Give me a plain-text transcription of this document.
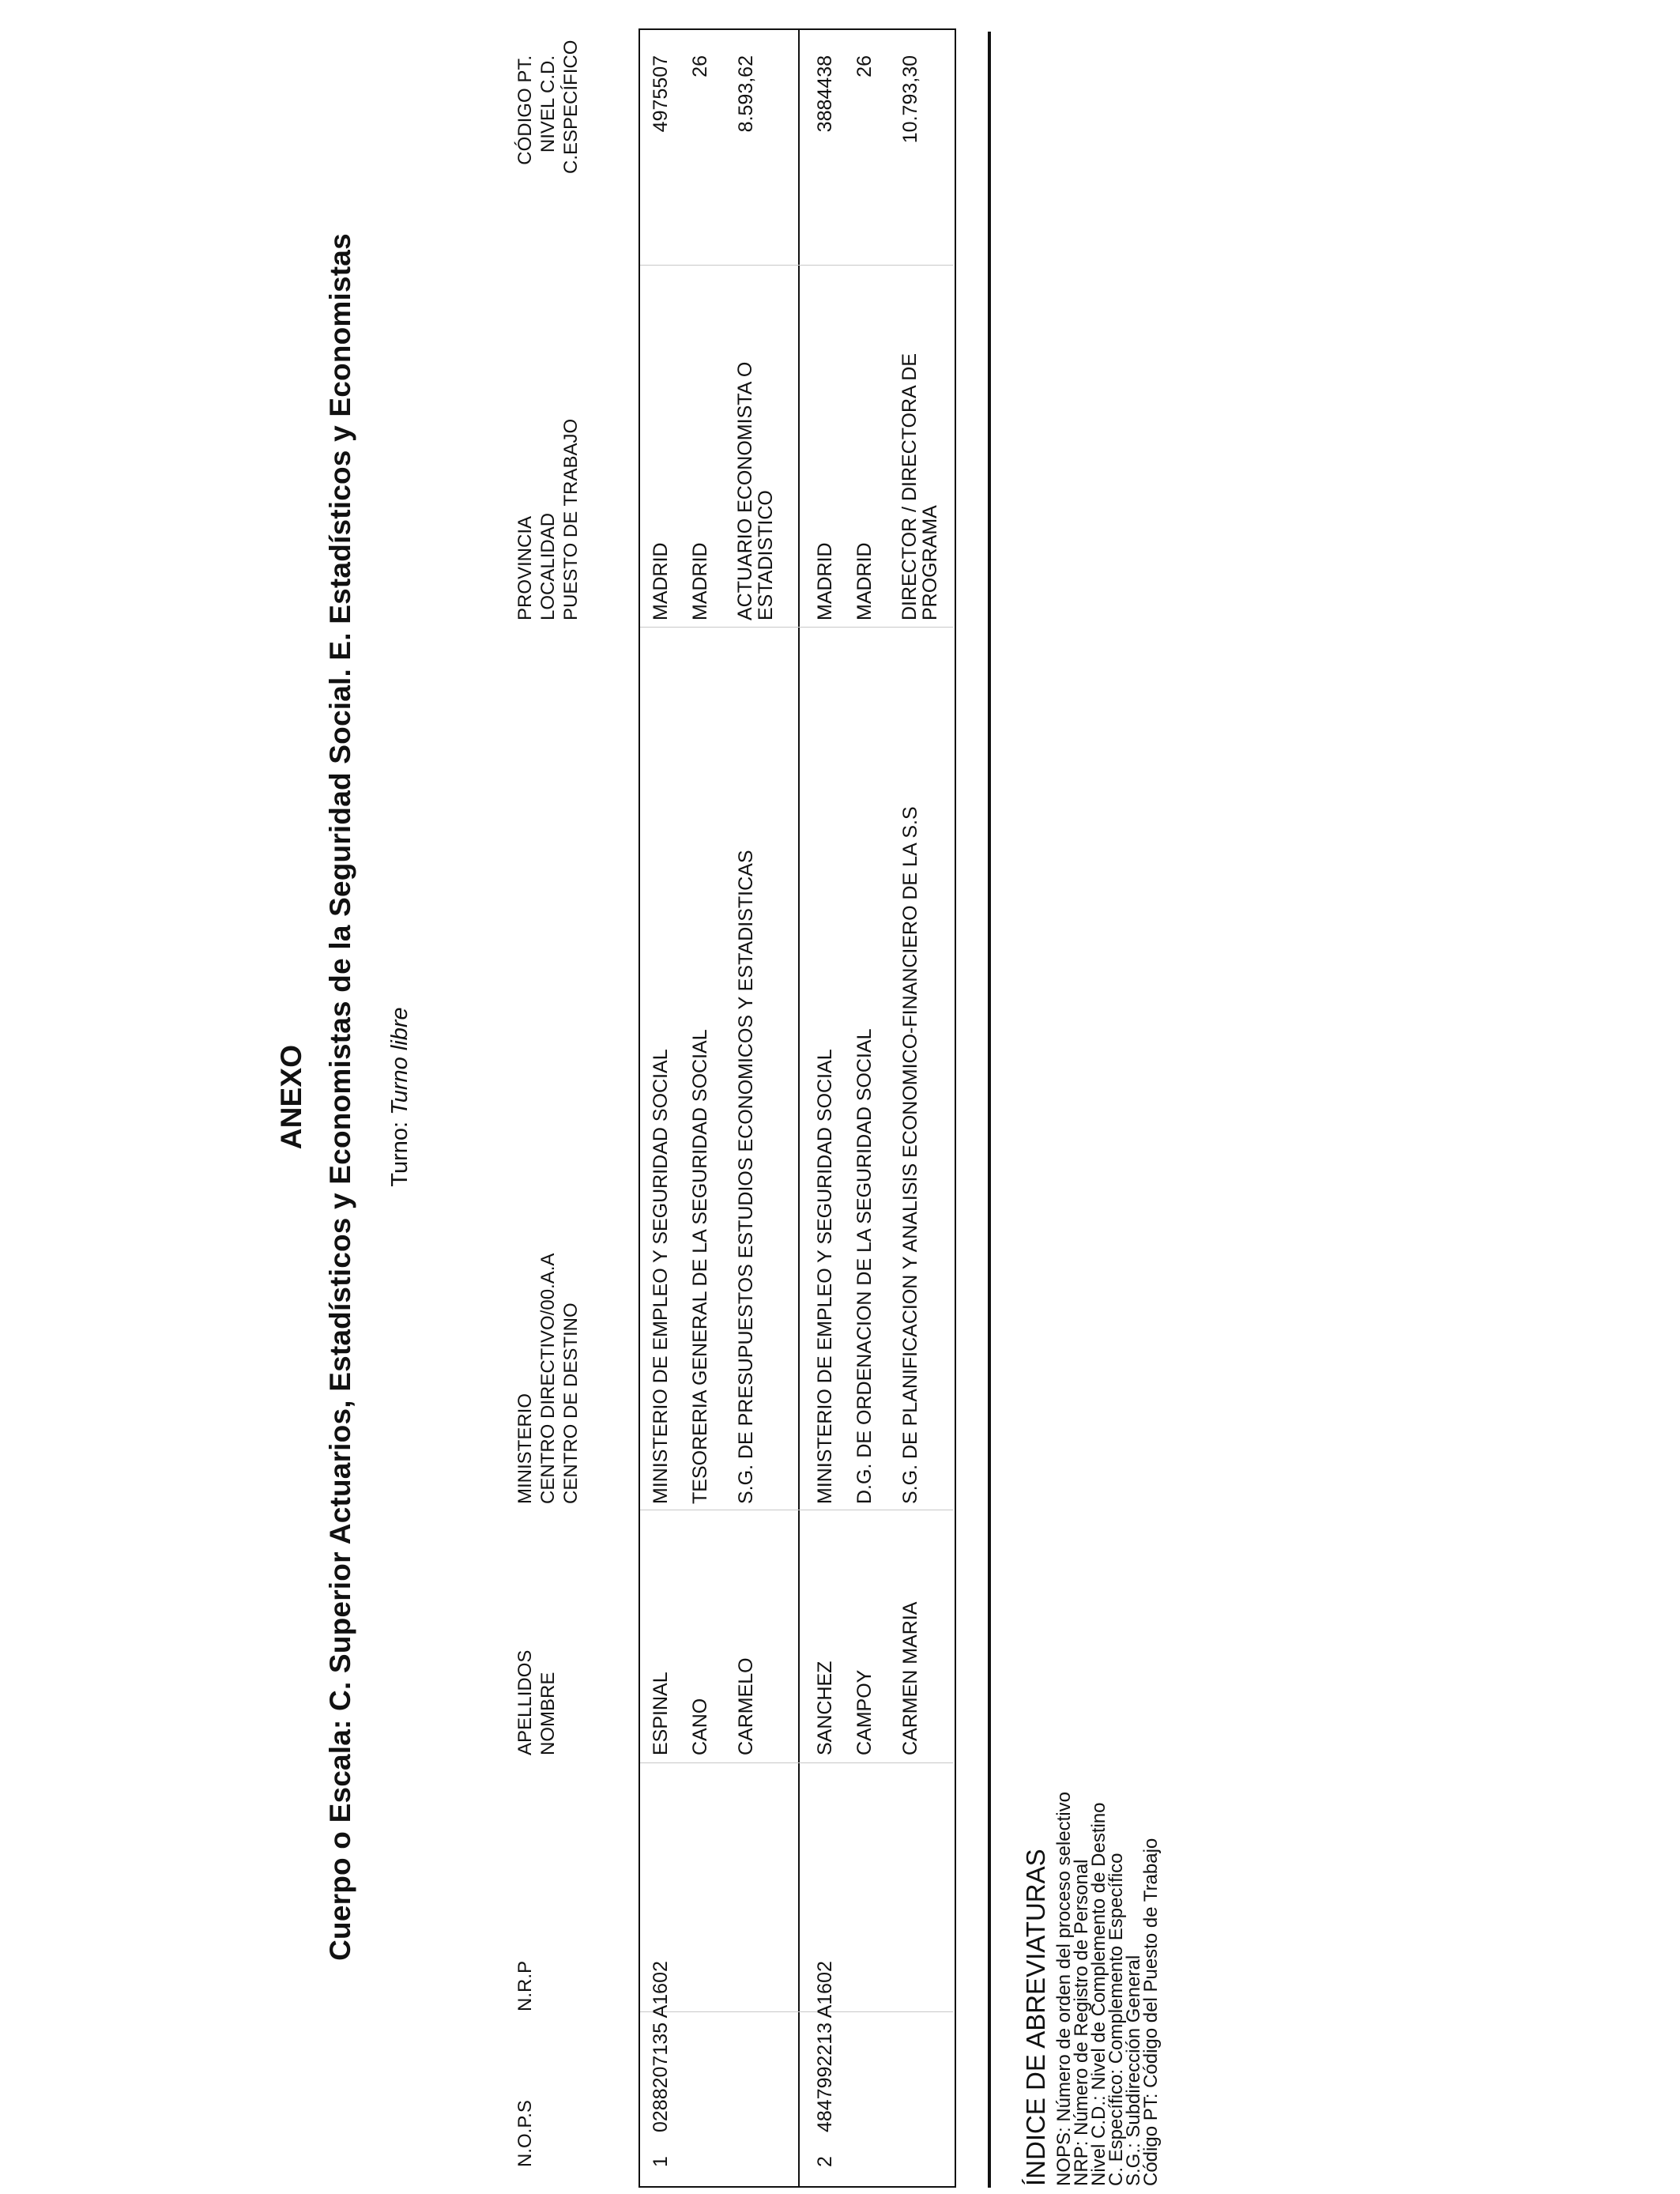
ANEXO Cuerpo o Escala: C. Superior Actuarios, Estadísticos y Economistas de la Seguridad Social. E. Estadísticos y Economistas Turno: Turno libre
N.O.P.S
N.R.P
APELLIDOS NOMBRE
MINISTERIO CENTRO DIRECTIVO/00.A.A CENTRO DE DESTINO
PROVINCIA LOCALIDAD PUESTO DE TRABAJO
CÓDIGO PT. NIVEL C.D. C.ESPECÍFICO
1
0288207135 A1602
ESPINAL CANO CARMELO
MINISTERIO DE EMPLEO Y SEGURIDAD SOCIAL TESORERIA GENERAL DE LA SEGURIDAD SOCIAL S.G. DE PRESUPUESTOS ESTUDIOS ECONOMICOS Y ESTADISTICAS
MADRID MADRID ACTUARIO ECONOMISTA O
ESTADISTICO
4975507 26 8.593,62
2
4847992213 A1602
SANCHEZ CAMPOY CARMEN MARIA
MINISTERIO DE EMPLEO Y SEGURIDAD SOCIAL D.G. DE ORDENACION DE LA SEGURIDAD SOCIAL S.G. DE PLANIFICACION Y ANALISIS ECONOMICO-FINANCIERO DE LA S.S
MADRID MADRID DIRECTOR / DIRECTORA DE
PROGRAMA
3884438 26 10.793,30
ÍNDICE DE ABREVIATURAS NOPS: Número de orden del proceso selectivo
NRP: Número de Registro de Personal
Nivel C.D.: Nivel de Complemento de Destino
C. Específico: Complemento Específico
S.G.: Subdirección General
Código PT: Código del Puesto de Trabajo
